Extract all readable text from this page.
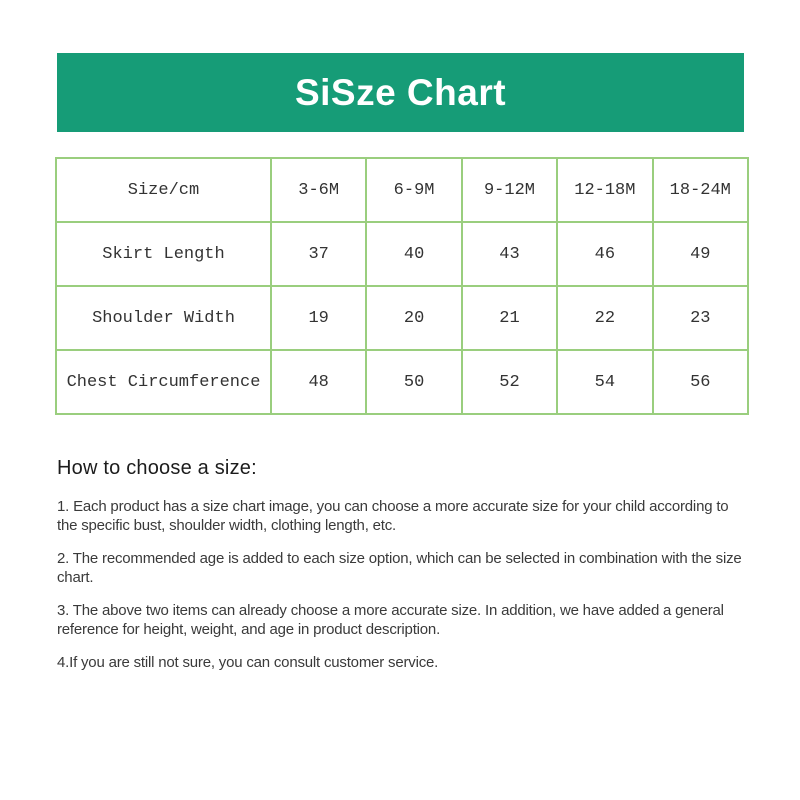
SiSze Chart
Size/cm	3-6M	6-9M	9-12M	12-18M	18-24M
Skirt Length	37	40	43	46	49
Shoulder Width	19	20	21	22	23
Chest Circumference	48	50	52	54	56
How to choose a size:

1. Each product has a size chart image, you can choose a more accurate size for your child according to the specific bust, shoulder width, clothing length, etc.

2. The recommended age is added to each size option, which can be selected in combination with the size chart.

3. The above two items can already choose a more accurate size. In addition, we have added a general reference for height, weight, and age in product description.

4.If you are still not sure, you can consult customer service.
